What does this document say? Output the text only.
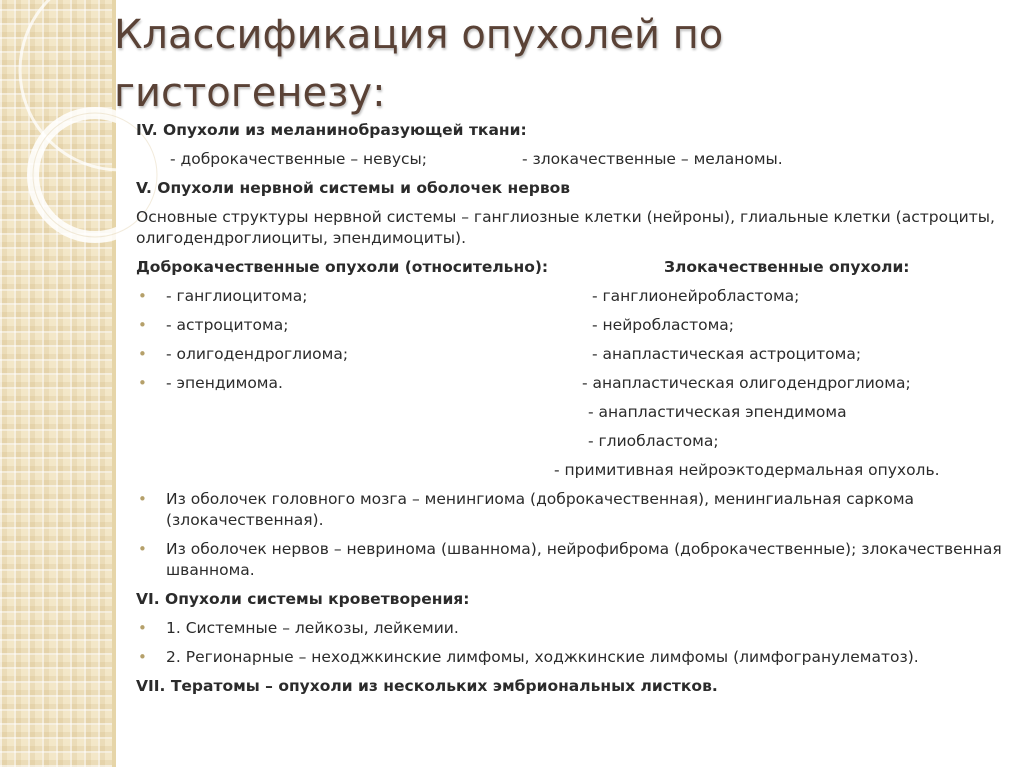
Классификация опухолей по
гистогенезу:
IV. Опухоли из меланинобразующей ткани:
- доброкачественные – невусы;	- злокачественные – меланомы.
V. Опухоли нервной системы и оболочек нервов
Основные структуры нервной системы – ганглиозные клетки (нейроны), глиальные клетки (астроциты, олигодендроглиоциты, эпендимоциты).
Доброкачественные опухоли (относительно):	Злокачественные опухоли:
• - ганглиоцитома;	- ганглионейробластома;
• - астроцитома;	- нейробластома;
• - олигодендроглиома;	- анапластическая астроцитома;
• - эпендимома.	- анапластическая олигодендроглиома;
- анапластическая эпендимома
- глиобластома;
- примитивная нейроэктодермальная опухоль.
• Из оболочек головного мозга – менингиома (доброкачественная), менингиальная саркома (злокачественная).
• Из оболочек нервов – невринома (шваннома), нейрофиброма (доброкачественные); злокачественная шваннома.
VI. Опухоли системы кроветворения:
• 1. Системные – лейкозы, лейкемии.
• 2. Регионарные – неходжкинские лимфомы, ходжкинские лимфомы (лимфогранулематоз).
VII. Тератомы – опухоли из нескольких эмбриональных листков.
